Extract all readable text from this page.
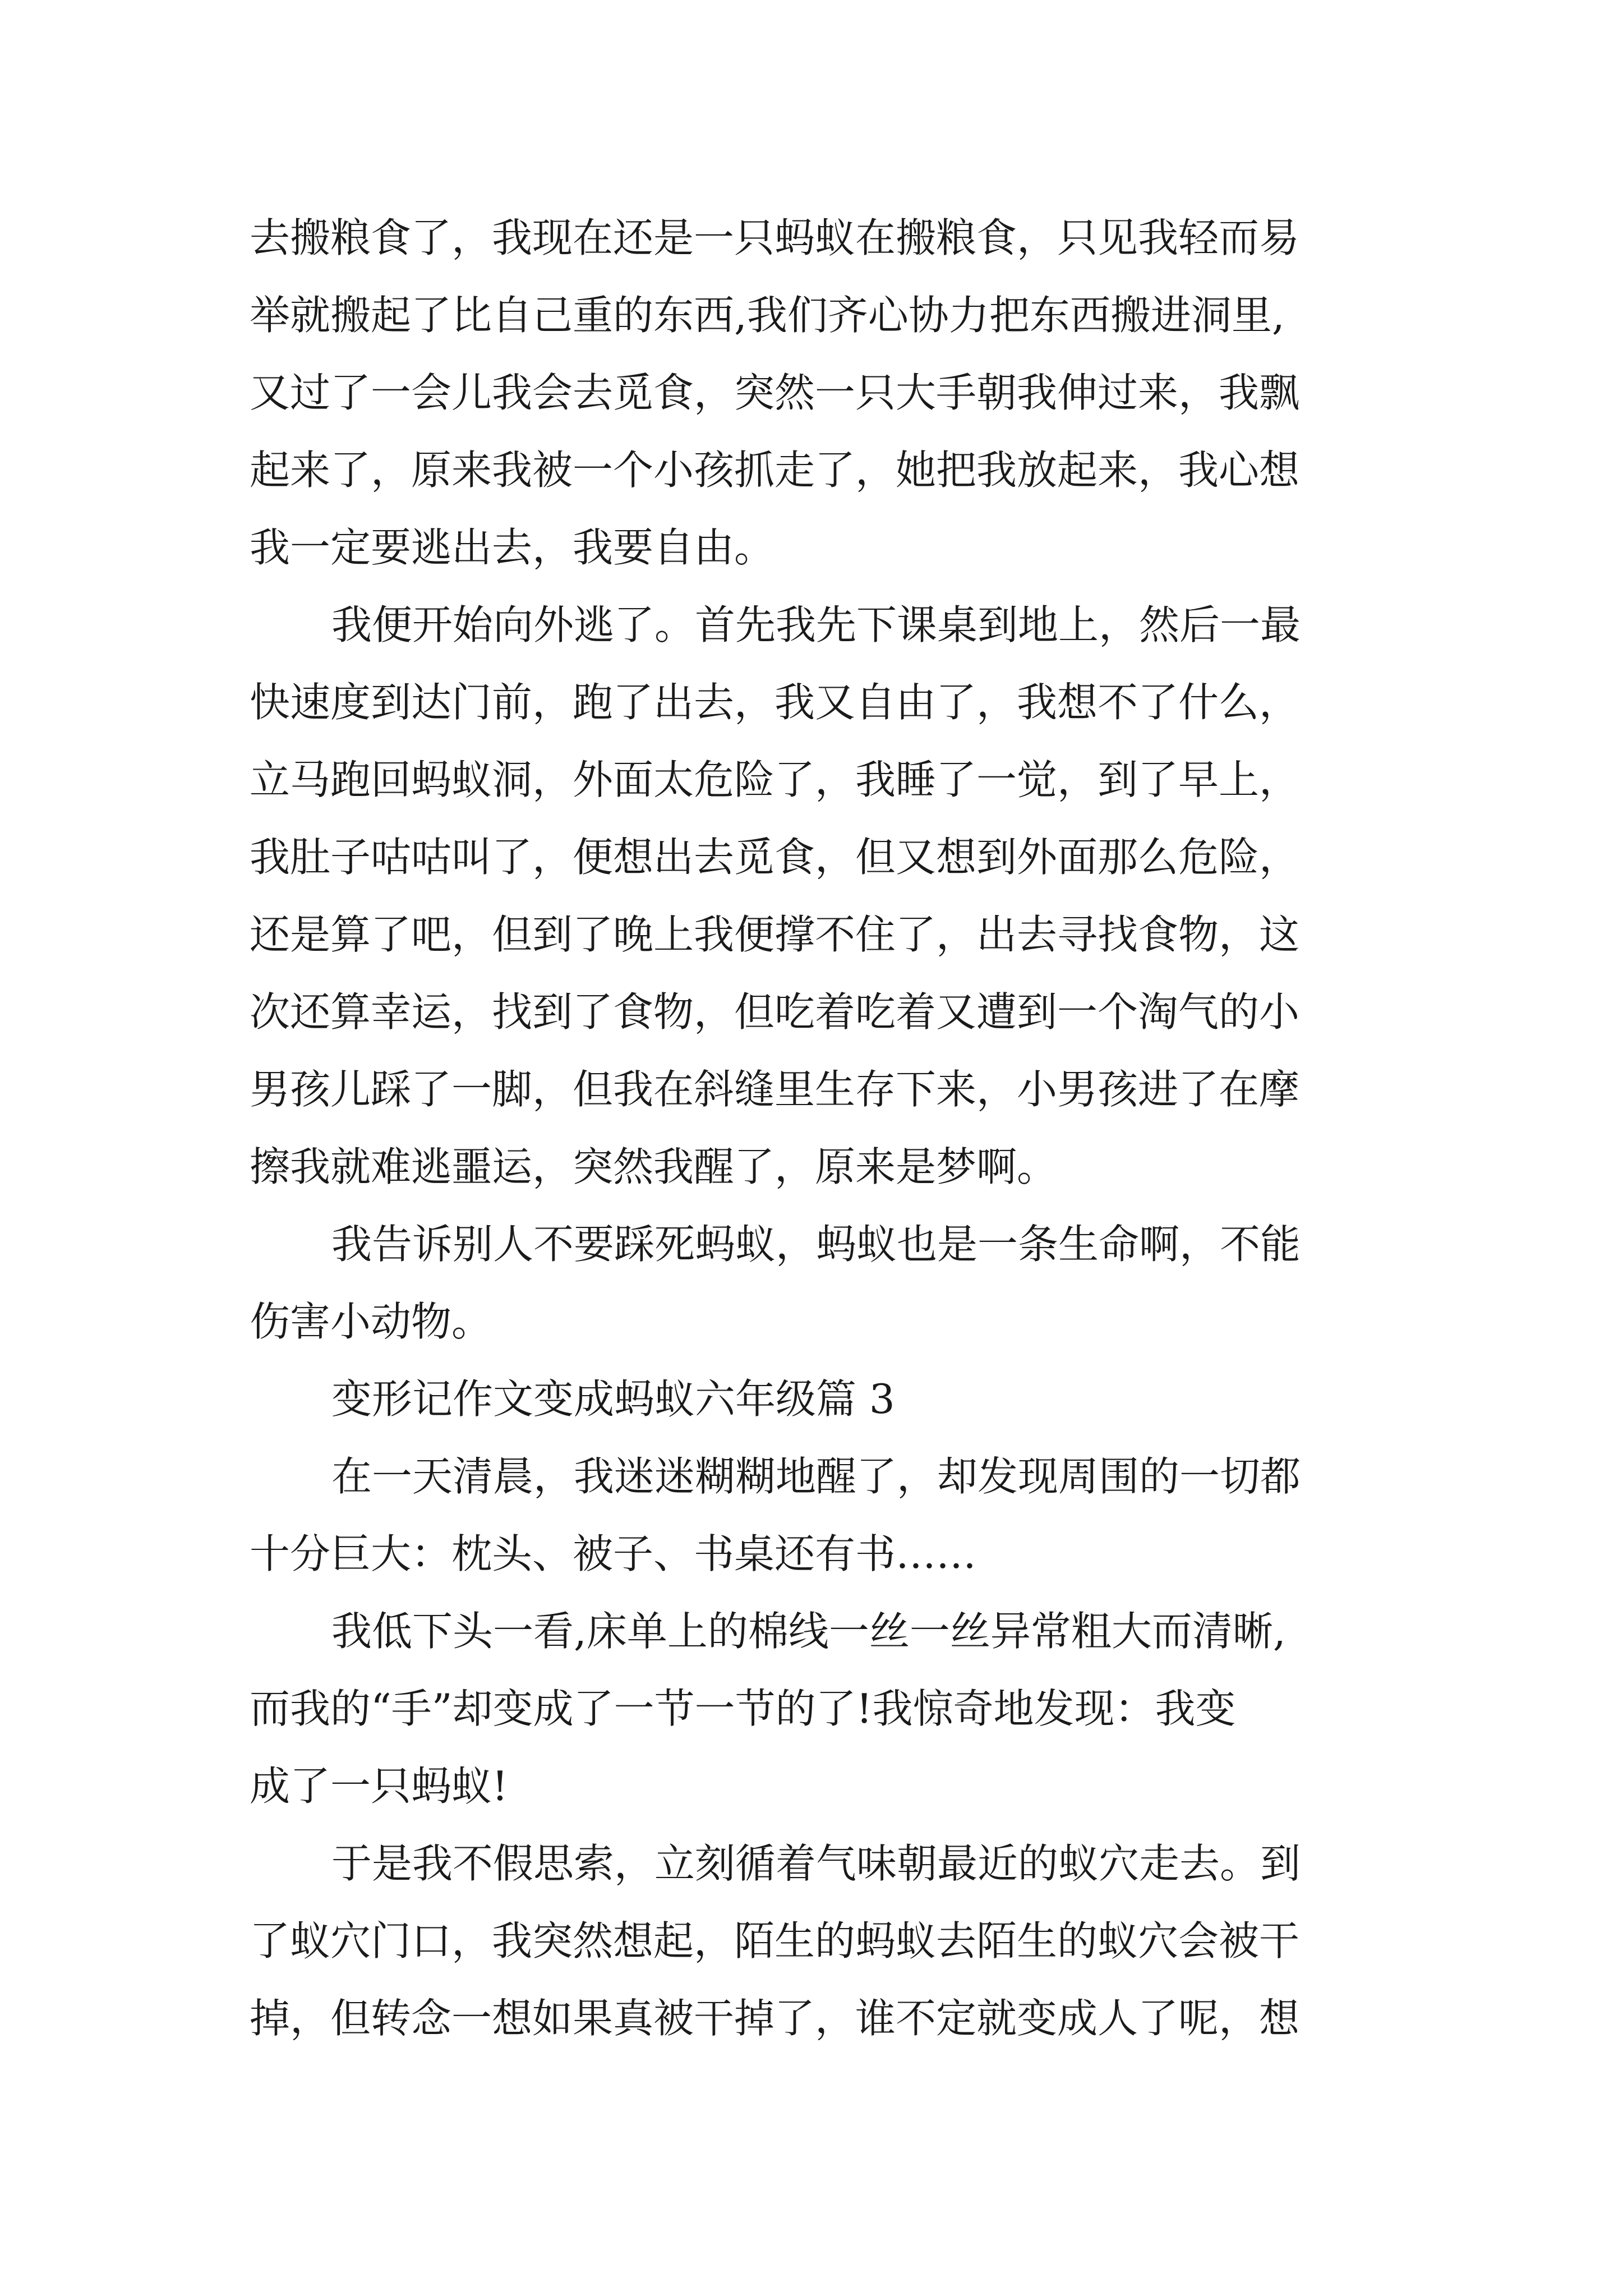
去搬粮食了，我现在还是一只蚂蚁在搬粮食，只见我轻而易
举就搬起了比自己重的东西,我们齐心协力把东西搬进洞里,
又过了一会儿我会去觅食，突然一只大手朝我伸过来，我飘
起来了，原来我被一个小孩抓走了，她把我放起来，我心想
我一定要逃出去，我要自由。
我便开始向外逃了。首先我先下课桌到地上，然后一最
快速度到达门前，跑了出去，我又自由了，我想不了什么，
立马跑回蚂蚁洞，外面太危险了，我睡了一觉，到了早上，
我肚子咕咕叫了，便想出去觅食，但又想到外面那么危险，
还是算了吧，但到了晚上我便撑不住了，出去寻找食物，这
次还算幸运，找到了食物，但吃着吃着又遭到一个淘气的小
男孩儿踩了一脚，但我在斜缝里生存下来，小男孩进了在摩
擦我就难逃噩运，突然我醒了，原来是梦啊。
我告诉别人不要踩死蚂蚁，蚂蚁也是一条生命啊，不能
伤害小动物。
变形记作文变成蚂蚁六年级篇 3
在一天清晨，我迷迷糊糊地醒了，却发现周围的一切都
十分巨大：枕头、被子、书桌还有书……
我低下头一看,床单上的棉线一丝一丝异常粗大而清晰,
而我的“手”却变成了一节一节的了!我惊奇地发现：我变
成了一只蚂蚁!
于是我不假思索，立刻循着气味朝最近的蚁穴走去。到
了蚁穴门口，我突然想起，陌生的蚂蚁去陌生的蚁穴会被干
掉，但转念一想如果真被干掉了，谁不定就变成人了呢，想
